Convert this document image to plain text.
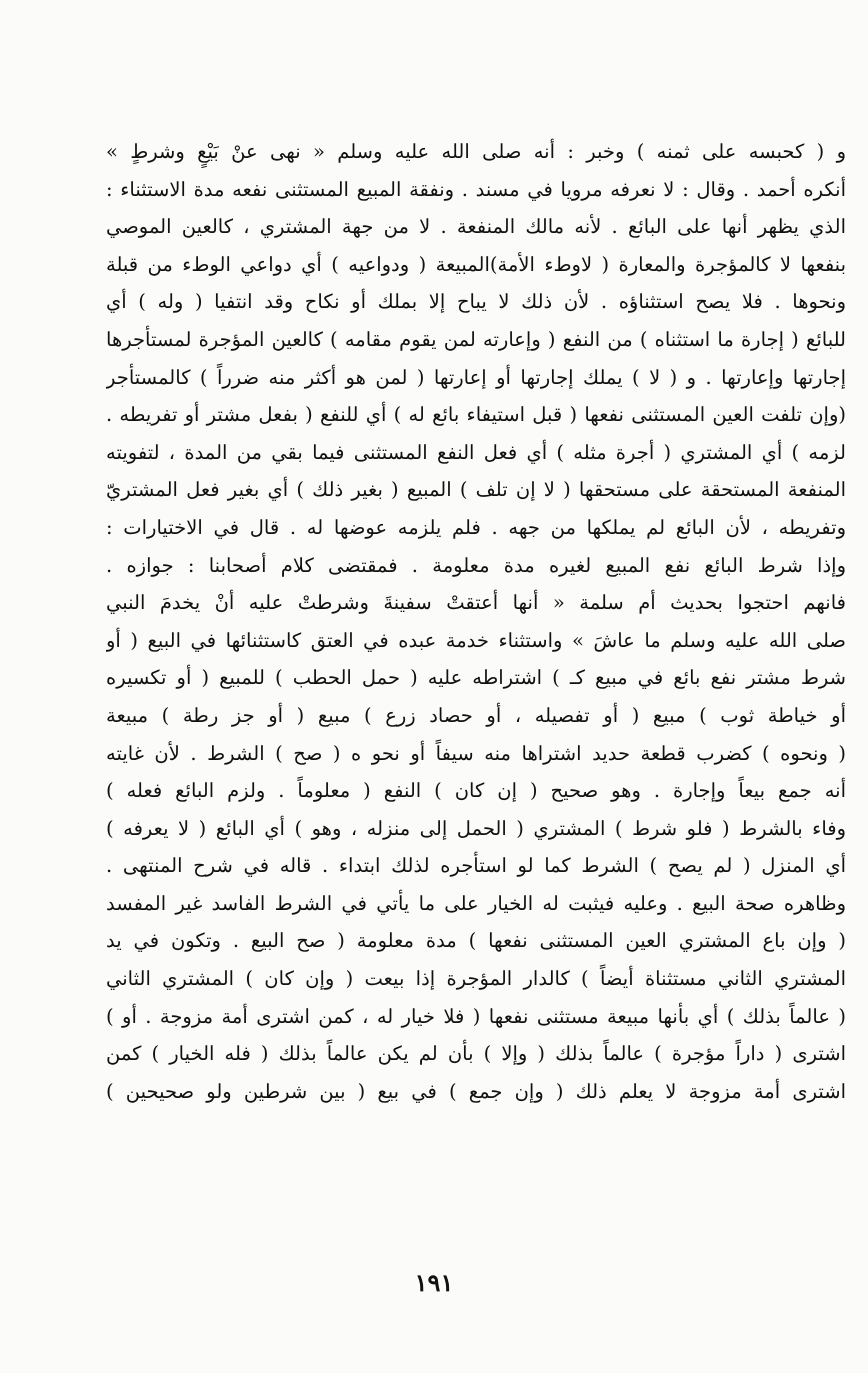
و ( كحبسه على ثمنه ) وخبر : أنه صلى الله عليه وسلم « نهى عنْ بَيْعٍ وشرطٍ »
أنكره أحمد . وقال : لا نعرفه مرويا في مسند . ونفقة المبيع المستثنى نفعه مدة الاستثناء :
الذي يظهر أنها على البائع . لأنه مالك المنفعة . لا من جهة المشتري ، كالعين الموصي
بنفعها لا كالمؤجرة والمعارة ( لاوطء الأمة)المبيعة ( ودواعيه ) أي دواعي الوطء من قبلة
ونحوها . فلا يصح استثناؤه . لأن ذلك لا يباح إلا بملك أو نكاح وقد انتفيا ( وله ) أي
للبائع ( إجارة ما استثناه ) من النفع ( وإعارته لمن يقوم مقامه ) كالعين المؤجرة لمستأجرها
إجارتها وإعارتها . و ( لا ) يملك إجارتها أو إعارتها ( لمن هو أكثر منه ضرراً ) كالمستأجر
(وإن تلفت العين المستثنى نفعها ( قبل استيفاء بائع له ) أي للنفع ( بفعل مشتر أو تفريطه .
لزمه ) أي المشتري ( أجرة مثله ) أي فعل النفع المستثنى فيما بقي من المدة ، لتفويته
المنفعة المستحقة على مستحقها ( لا إن تلف ) المبيع ( بغير ذلك ) أي بغير فعل المشتريّ
وتفريطه ، لأن البائع لم يملكها من جهه . فلم يلزمه عوضها له . قال في الاختيارات :
وإذا شرط البائع نفع المبيع لغيره مدة معلومة . فمقتضى كلام أصحابنا : جوازه .
فانهم احتجوا بحديث أم سلمة « أنها أعتقتْ سفينةَ وشرطتْ عليه أنْ يخدمَ النبي
صلى الله عليه وسلم ما عاشَ » واستثناء خدمة عبده في العتق كاستثنائها في البيع ( أو
شرط مشتر نفع بائع في مبيع كـ ) اشتراطه عليه ( حمل الحطب ) للمبيع ( أو تكسيره
أو خياطة ثوب ) مبيع ( أو تفصيله ، أو حصاد زرع ) مبيع ( أو جز رطة ) مبيعة
( ونحوه ) كضرب قطعة حديد اشتراها منه سيفاً أو نحو ه ( صح ) الشرط . لأن غايته
أنه جمع بيعاً وإجارة . وهو صحيح ( إن كان ) النفع ( معلوماً . ولزم البائع فعله )
وفاء بالشرط ( فلو شرط ) المشتري ( الحمل إلى منزله ، وهو ) أي البائع ( لا يعرفه )
أي المنزل ( لم يصح ) الشرط كما لو استأجره لذلك ابتداء . قاله في شرح المنتهى .
وظاهره صحة البيع . وعليه فيثبت له الخيار على ما يأتي في الشرط الفاسد غير المفسد
( وإن باع المشتري العين المستثنى نفعها ) مدة معلومة ( صح البيع . وتكون في يد
المشتري الثاني مستثناة أيضاً ) كالدار المؤجرة إذا بيعت ( وإن كان ) المشتري الثاني
( عالماً بذلك ) أي بأنها مبيعة مستثنى نفعها ( فلا خيار له ، كمن اشترى أمة مزوجة . أو )
اشترى ( داراً مؤجرة ) عالماً بذلك ( وإلا ) بأن لم يكن عالماً بذلك ( فله الخيار ) كمن
اشترى أمة مزوجة لا يعلم ذلك ( وإن جمع ) في بيع ( بين شرطين ولو صحيحين )
١٩١
